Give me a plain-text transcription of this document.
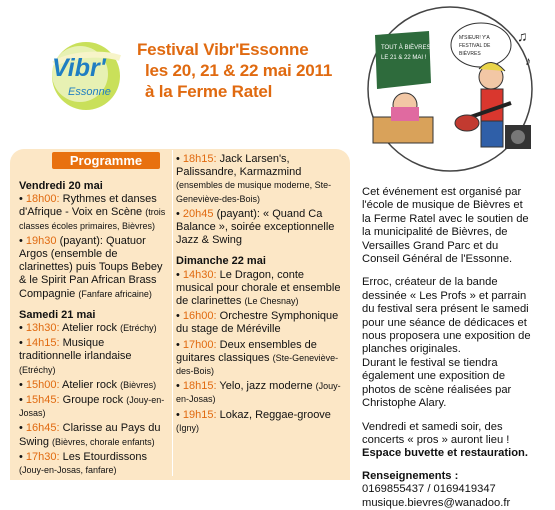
Vibr'
Essonne
Festival Vibr'Essonne
les 20, 21 & 22 mai 2011
à la Ferme Ratel
TOUT À BIÈVRES
LE 21 & 22 MAI !
M'SIEUR! Y'A
FESTIVAL DE
BIÈVRES
♫
♪
Programme
Vendredi 20 mai
• 18h00: Rythmes et danses d'Afrique - Voix en Scène (trois classes écoles primaires, Bièvres)
• 19h30 (payant): Quatuor Argos (ensemble de clarinettes) puis Toups Bebey & le Spirit Pan African Brass Compagnie (Fanfare africaine)
Samedi 21 mai
• 13h30: Atelier rock (Etréchy)
• 14h15: Musique traditionnelle irlandaise (Etréchy)
• 15h00: Atelier rock (Bièvres)
• 15h45: Groupe rock (Jouy-en-Josas)
• 16h45: Clarisse au Pays du Swing (Bièvres, chorale enfants)
• 17h30: Les Etourdissons (Jouy-en-Josas, fanfare)
• 18h15: Jack Larsen's, Palissandre, Karmazmind (ensembles de musique moderne, Ste-Geneviève-des-Bois)
• 20h45 (payant): « Quand Ca Balance », soirée exceptionnelle Jazz & Swing
Dimanche 22 mai
• 14h30: Le Dragon, conte musical pour chorale et ensemble de clarinettes (Le Chesnay)
• 16h00: Orchestre Symphonique du stage de Méréville
• 17h00: Deux ensembles de guitares classiques (Ste-Geneviève-des-Bois)
• 18h15: Yelo, jazz moderne (Jouy-en-Josas)
• 19h15: Lokaz, Reggae-groove (Igny)

Cet événement est organisé par l'école de musique de Bièvres et la Ferme Ratel avec le soutien de la municipalité de Bièvres, de Versailles Grand Parc et du Conseil Général de l'Essonne.

Erroc, créateur de la bande dessinée « Les Profs » et parrain du festival sera présent le samedi pour une séance de dédicaces et nous proposera une exposition de planches originales.

Durant le festival se tiendra également une exposition de photos de scène réalisées par Christophe Alary.

Vendredi et samedi soir, des concerts « pros » auront lieu !

Espace buvette et restauration.

Renseignements :

0169855437 / 0169419347

musique.bievres@wanadoo.fr
